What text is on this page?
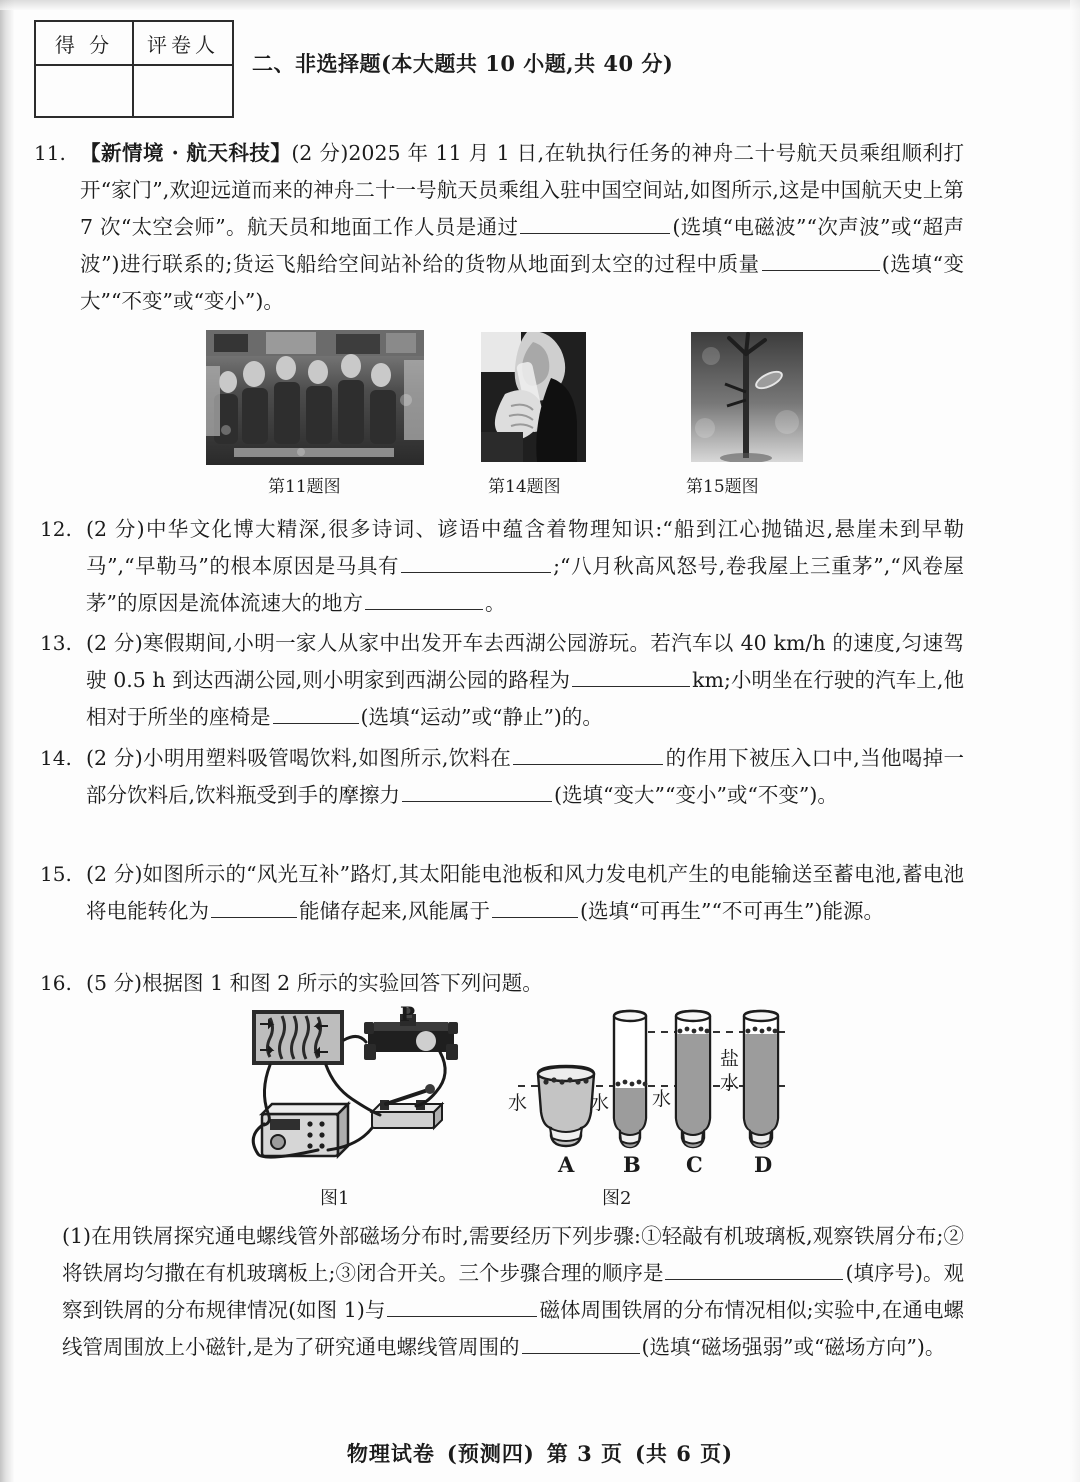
得 分	评卷人
二、非选择题(本大题共 10 小题,共 40 分)
11. 【新情境 · 航天科技】(2 分)2025 年 11 月 1 日,在轨执行任务的神舟二十号航天员乘组顺利打开“家门”,欢迎远道而来的神舟二十一号航天员乘组入驻中国空间站,如图所示,这是中国航天史上第 7 次“太空会师”。航天员和地面工作人员是通过	(选填“电磁波”“次声波”或“超声波”)进行联系的;货运飞船给空间站补给的货物从地面到太空的过程中质量	(选填“变大”“不变”或“变小”)。
第11题图	第14题图	第15题图
12. (2 分)中华文化博大精深,很多诗词、谚语中蕴含着物理知识:“船到江心抛锚迟,悬崖未到早勒马”,“早勒马”的根本原因是马具有	;“八月秋高风怒号,卷我屋上三重茅”,“风卷屋茅”的原因是流体流速大的地方	。
13. (2 分)寒假期间,小明一家人从家中出发开车去西湖公园游玩。若汽车以 40 km/h 的速度,匀速驾驶 0.5 h 到达西湖公园,则小明家到西湖公园的路程为	km;小明坐在行驶的汽车上,他相对于所坐的座椅是	(选填“运动”或“静止”)的。
14. (2 分)小明用塑料吸管喝饮料,如图所示,饮料在	的作用下被压入口中,当他喝掉一部分饮料后,饮料瓶受到手的摩擦力	(选填“变大”“变小”或“不变”)。
15. (2 分)如图所示的“风光互补”路灯,其太阳能电池板和风力发电机产生的电能输送至蓄电池,蓄电池将电能转化为	能储存起来,风能属于	(选填“可再生”“不可再生”)能源。
16. (5 分)根据图 1 和图 2 所示的实验回答下列问题。
P
水	水 水
盐
水
A B C D
图1	图2
(1)在用铁屑探究通电螺线管外部磁场分布时,需要经历下列步骤:①轻敲有机玻璃板,观察铁屑分布;②将铁屑均匀撒在有机玻璃板上;③闭合开关。三个步骤合理的顺序是	(填序号)。观察到铁屑的分布规律情况(如图 1)与	磁体周围铁屑的分布情况相似;实验中,在通电螺线管周围放上小磁针,是为了研究通电螺线管周围的	(选填“磁场强弱”或“磁场方向”)。
物理试卷 (预测四) 第 3 页 (共 6 页)
